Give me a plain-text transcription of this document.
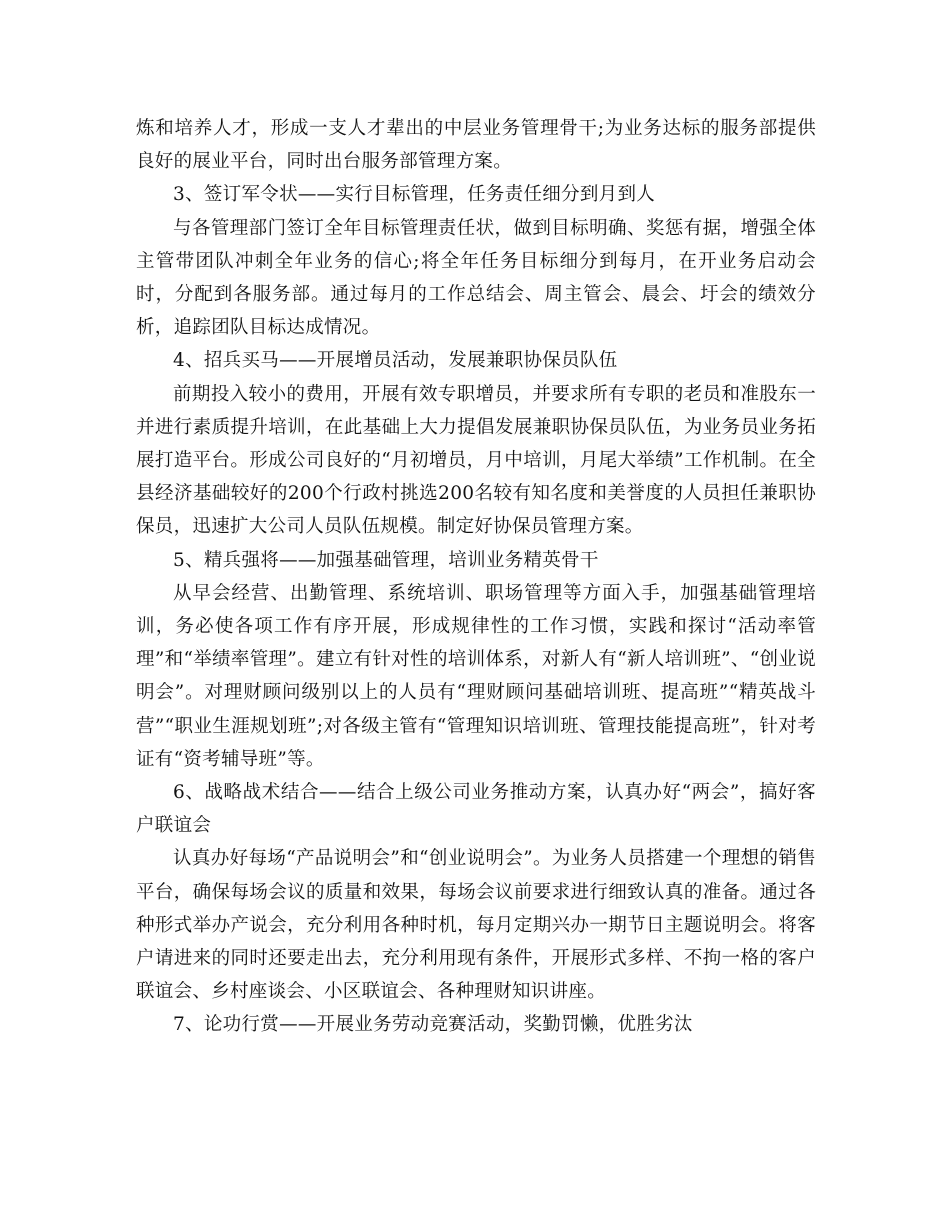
炼和培养人才，形成一支人才辈出的中层业务管理骨干;为业务达标的服务部提供良好的展业平台，同时出台服务部管理方案。

3、签订军令状——实行目标管理，任务责任细分到月到人

与各管理部门签订全年目标管理责任状，做到目标明确、奖惩有据，增强全体主管带团队冲刺全年业务的信心;将全年任务目标细分到每月，在开业务启动会时，分配到各服务部。通过每月的工作总结会、周主管会、晨会、圩会的绩效分析，追踪团队目标达成情况。

4、招兵买马——开展增员活动，发展兼职协保员队伍

前期投入较小的费用，开展有效专职增员，并要求所有专职的老员和准股东一并进行素质提升培训，在此基础上大力提倡发展兼职协保员队伍，为业务员业务拓展打造平台。形成公司良好的“月初增员，月中培训，月尾大举绩”工作机制。在全县经济基础较好的200个行政村挑选200名较有知名度和美誉度的人员担任兼职协保员，迅速扩大公司人员队伍规模。制定好协保员管理方案。

5、精兵强将——加强基础管理，培训业务精英骨干

从早会经营、出勤管理、系统培训、职场管理等方面入手，加强基础管理培训，务必使各项工作有序开展，形成规律性的工作习惯，实践和探讨“活动率管理”和“举绩率管理”。建立有针对性的培训体系，对新人有“新人培训班”、“创业说明会”。对理财顾问级别以上的人员有“理财顾问基础培训班、提高班”“精英战斗营”“职业生涯规划班”;对各级主管有“管理知识培训班、管理技能提高班”，针对考证有“资考辅导班”等。

6、战略战术结合——结合上级公司业务推动方案，认真办好“两会”，搞好客户联谊会

认真办好每场“产品说明会”和“创业说明会”。为业务人员搭建一个理想的销售平台，确保每场会议的质量和效果，每场会议前要求进行细致认真的准备。通过各种形式举办产说会，充分利用各种时机，每月定期兴办一期节日主题说明会。将客户请进来的同时还要走出去，充分利用现有条件，开展形式多样、不拘一格的客户联谊会、乡村座谈会、小区联谊会、各种理财知识讲座。

7、论功行赏——开展业务劳动竞赛活动，奖勤罚懒，优胜劣汰
